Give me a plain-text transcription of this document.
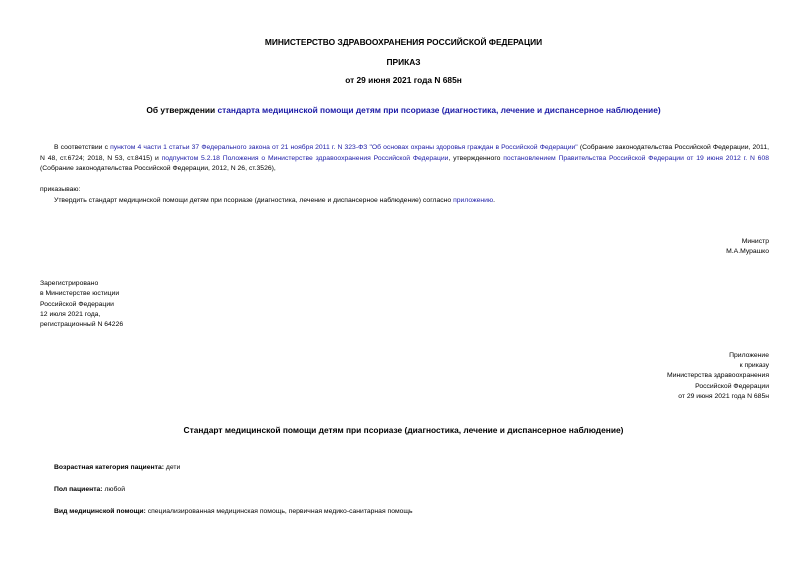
МИНИСТЕРСТВО ЗДРАВООХРАНЕНИЯ РОССИЙСКОЙ ФЕДЕРАЦИИ
ПРИКАЗ
от 29 июня 2021 года N 685н
Об утверждении стандарта медицинской помощи детям при псориазе (диагностика, лечение и диспансерное наблюдение)
В соответствии с пунктом 4 части 1 статьи 37 Федерального закона от 21 ноября 2011 г. N 323-ФЗ "Об основах охраны здоровья граждан в Российской Федерации" (Собрание законодательства Российской Федерации, 2011, N 48, ст.6724; 2018, N 53, ст.8415) и подпунктом 5.2.18 Положения о Министерстве здравоохранения Российской Федерации, утвержденного постановлением Правительства Российской Федерации от 19 июня 2012 г. N 608 (Собрание законодательства Российской Федерации, 2012, N 26, ст.3526),
приказываю:
Утвердить стандарт медицинской помощи детям при псориазе (диагностика, лечение и диспансерное наблюдение) согласно приложению.
Министр
М.А.Мурашко
Зарегистрировано
в Министерстве юстиции
Российской Федерации
12 июля 2021 года,
регистрационный N 64226
Приложение
к приказу
Министерства здравоохранения
Российской Федерации
от 29 июня 2021 года N 685н
Стандарт медицинской помощи детям при псориазе (диагностика, лечение и диспансерное наблюдение)
Возрастная категория пациента: дети
Пол пациента: любой
Вид медицинской помощи: специализированная медицинская помощь, первичная медико-санитарная помощь
